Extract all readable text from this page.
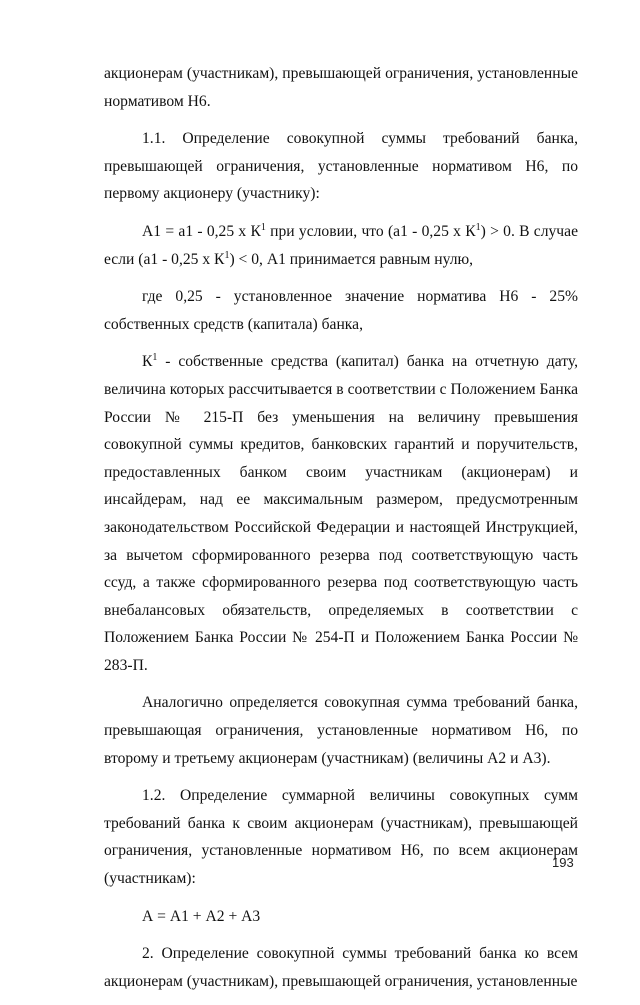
акционерам (участникам), превышающей ограничения, установленные нормативом Н6.

1.1. Определение совокупной суммы требований банка, превышающей ограничения, установленные нормативом Н6, по первому акционеру (участнику):

А1 = а1 - 0,25 х $К^1$ при условии, что (а1 - 0,25 х $К^1) > 0$. В случае если (а1 - 0,25 х $К^1) < 0$, А1 принимается равным нулю,

где 0,25 - установленное значение норматива Н6 - 25% собственных средств (капитала) банка,

$К^1$ - собственные средства (капитал) банка на отчетную дату, величина которых рассчитывается в соответствии с Положением Банка России № 215-П без уменьшения на величину превышения совокупной суммы кредитов, банковских гарантий и поручительств, предоставленных банком своим участникам (акционерам) и инсайдерам, над ее максимальным размером, предусмотренным законодательством Российской Федерации и настоящей Инструкцией, за вычетом сформированного резерва под соответствующую часть ссуд, а также сформированного резерва под соответствующую часть внебалансовых обязательств, определяемых в соответствии с Положением Банка России № 254-П и Положением Банка России № 283-П.

Аналогично определяется совокупная сумма требований банка, превышающая ограничения, установленные нормативом Н6, по второму и третьему акционерам (участникам) (величины А2 и А3).

1.2. Определение суммарной величины совокупных сумм требований банка к своим акционерам (участникам), превышающей ограничения, установленные нормативом Н6, по всем акционерам (участникам):

А = А1 + А2 + А3

2. Определение совокупной суммы требований банка ко всем акционерам (участникам), превышающей ограничения, установленные

193
